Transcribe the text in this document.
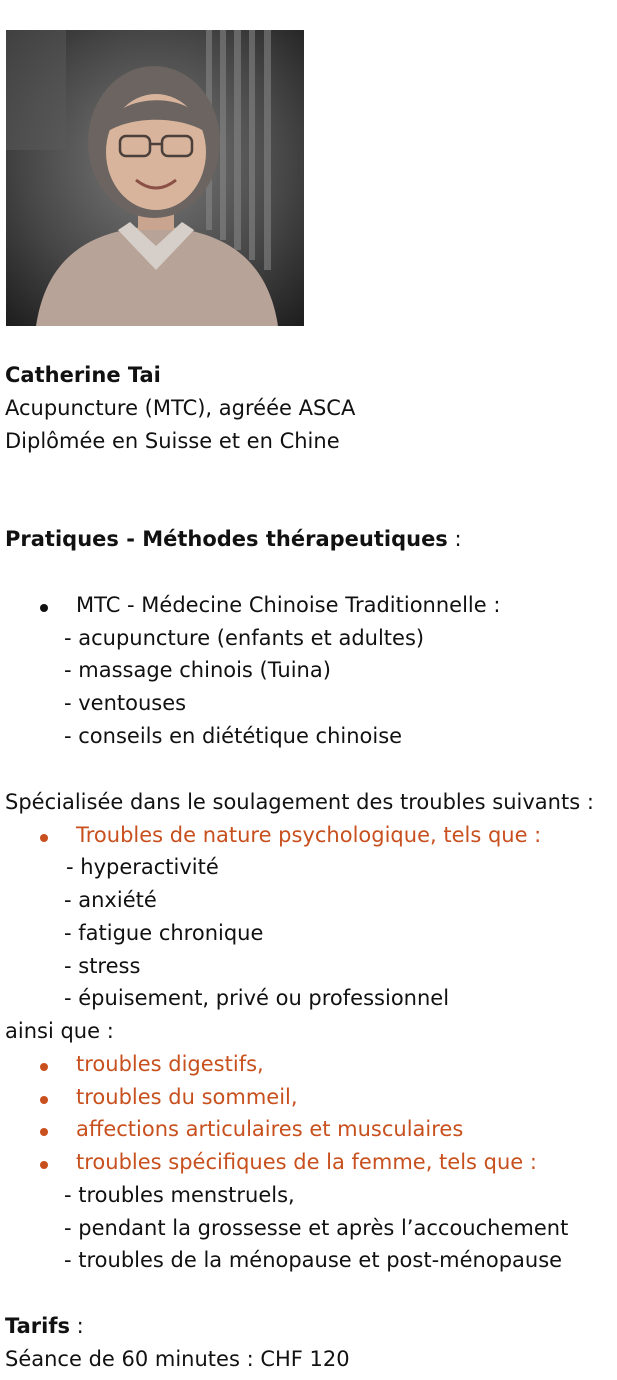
Catherine Tai
Acupuncture (MTC), agréée ASCA
Diplômée en Suisse et en Chine
Pratiques - Méthodes thérapeutiques :
MTC - Médecine Chinoise Traditionnelle :
- acupuncture (enfants et adultes)
- massage chinois (Tuina)
- ventouses
- conseils en diététique chinoise
Spécialisée dans le soulagement des troubles suivants :
Troubles de nature psychologique, tels que :
- hyperactivité
- anxiété
- fatigue chronique
- stress
- épuisement, privé ou professionnel
ainsi que :
troubles digestifs,
troubles du sommeil,
affections articulaires et musculaires
troubles spécifiques de la femme, tels que :
- troubles menstruels,
- pendant la grossesse et après l’accouchement
- troubles de la ménopause et post-ménopause
Tarifs :
Séance de 60 minutes : CHF 120
